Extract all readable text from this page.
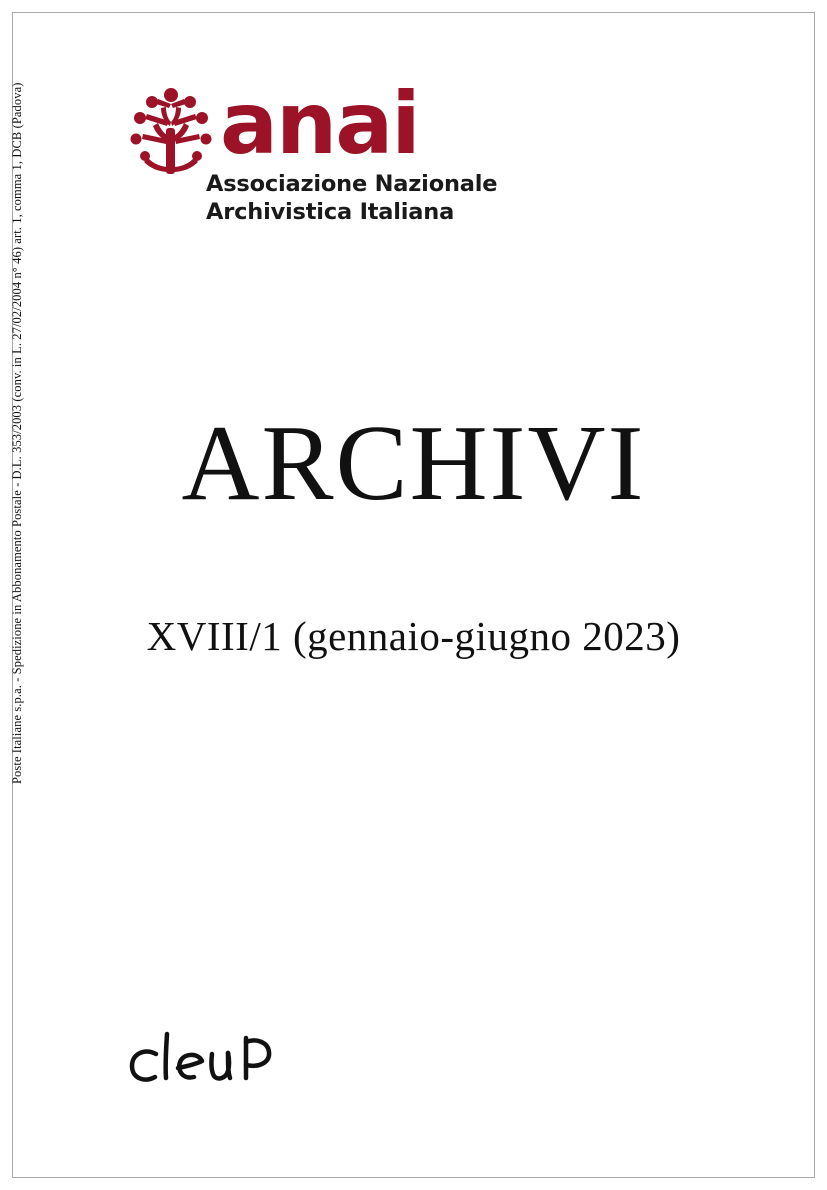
Poste Italiane s.p.a. - Spedizione in Abbonamento Postale - D.L. 353/2003 (conv. in L. 27/02/2004 n° 46) art. 1, comma 1, DCB (Padova) anai
Associazione Nazionale
Archivistica Italiana
ARCHIVI
XVIII/1 (gennaio-giugno 2023)
